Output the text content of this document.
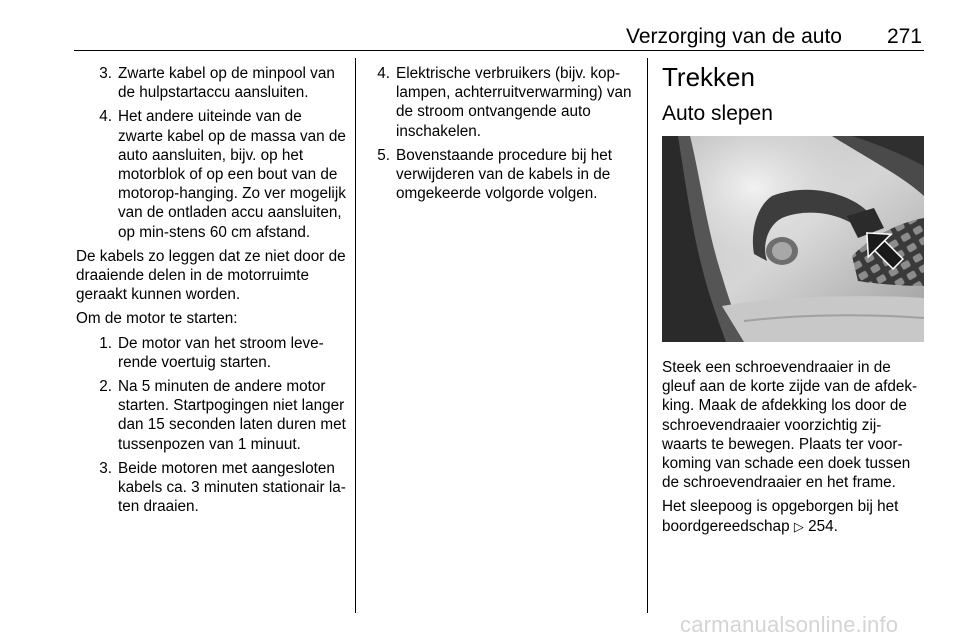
Verzorging van de auto 271
3. Zwarte kabel op de minpool van de hulpstartaccu aansluiten.
4. Het andere uiteinde van de zwarte kabel op de massa van de auto aansluiten, bijv. op het motorblok of op een bout van de motorop-hanging. Zo ver mogelijk van de ontladen accu aansluiten, op min-stens 60 cm afstand.

De kabels zo leggen dat ze niet door de draaiende delen in de motorruimte geraakt kunnen worden.

Om de motor te starten:

1. De motor van het stroom leve-rende voertuig starten.
2. Na 5 minuten de andere motor starten. Startpogingen niet langer dan 15 seconden laten duren met tussenpozen van 1 minuut.
3. Beide motoren met aangesloten kabels ca. 3 minuten stationair la-ten draaien.
4. Elektrische verbruikers (bijv. kop-lampen, achterruitverwarming) van de stroom ontvangende auto inschakelen.
5. Bovenstaande procedure bij het verwijderen van de kabels in de omgekeerde volgorde volgen.
Trekken
Auto slepen

Steek een schroevendraaier in de gleuf aan de korte zijde van de afdek-king. Maak de afdekking los door de schroevendraaier voorzichtig zij-waarts te bewegen. Plaats ter voor-koming van schade een doek tussen de schroevendraaier en het frame.

Het sleepoog is opgeborgen bij het boordgereedschap ▷ 254.

carmanualsonline.info
